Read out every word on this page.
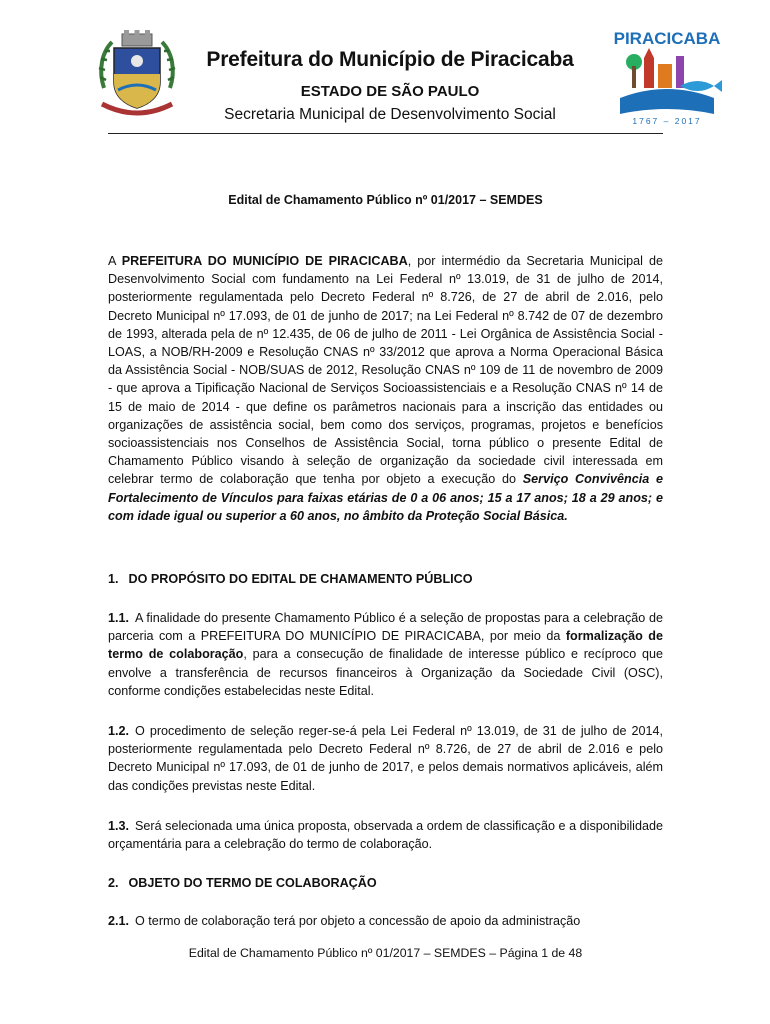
PIRACICABA
1767 – 2017
Prefeitura do Município de Piracicaba
ESTADO DE SÃO PAULO
Secretaria Municipal de Desenvolvimento Social
Edital de Chamamento Público nº 01/2017 – SEMDES

A PREFEITURA DO MUNICÍPIO DE PIRACICABA, por intermédio da Secretaria Municipal de Desenvolvimento Social com fundamento na Lei Federal nº 13.019, de 31 de julho de 2014, posteriormente regulamentada pelo Decreto Federal nº 8.726, de 27 de abril de 2.016, pelo Decreto Municipal nº 17.093, de 01 de junho de 2017; na Lei Federal nº 8.742 de 07 de dezembro de 1993, alterada pela de nº 12.435, de 06 de julho de 2011 - Lei Orgânica de Assistência Social - LOAS, a NOB/RH-2009 e Resolução CNAS nº 33/2012 que aprova a Norma Operacional Básica da Assistência Social - NOB/SUAS de 2012, Resolução CNAS nº 109 de 11 de novembro de 2009 - que aprova a Tipificação Nacional de Serviços Socioassistenciais e a Resolução CNAS nº 14 de 15 de maio de 2014 - que define os parâmetros nacionais para a inscrição das entidades ou organizações de assistência social, bem como dos serviços, programas, projetos e benefícios socioassistenciais nos Conselhos de Assistência Social, torna público o presente Edital de Chamamento Público visando à seleção de organização da sociedade civil interessada em celebrar termo de colaboração que tenha por objeto a execução do Serviço Convivência e Fortalecimento de Vínculos para faixas etárias de 0 a 06 anos; 15 a 17 anos; 18 a 29 anos; e com idade igual ou superior a 60 anos, no âmbito da Proteção Social Básica.

1. DO PROPÓSITO DO EDITAL DE CHAMAMENTO PÚBLICO

1.1. A finalidade do presente Chamamento Público é a seleção de propostas para a celebração de parceria com a PREFEITURA DO MUNICÍPIO DE PIRACICABA, por meio da formalização de termo de colaboração, para a consecução de finalidade de interesse público e recíproco que envolve a transferência de recursos financeiros à Organização da Sociedade Civil (OSC), conforme condições estabelecidas neste Edital.

1.2. O procedimento de seleção reger-se-á pela Lei Federal nº 13.019, de 31 de julho de 2014, posteriormente regulamentada pelo Decreto Federal nº 8.726, de 27 de abril de 2.016 e pelo Decreto Municipal nº 17.093, de 01 de junho de 2017, e pelos demais normativos aplicáveis, além das condições previstas neste Edital.

1.3. Será selecionada uma única proposta, observada a ordem de classificação e a disponibilidade orçamentária para a celebração do termo de colaboração.

2. OBJETO DO TERMO DE COLABORAÇÃO

2.1. O termo de colaboração terá por objeto a concessão de apoio da administração

Edital de Chamamento Público nº 01/2017 – SEMDES – Página 1 de 48
